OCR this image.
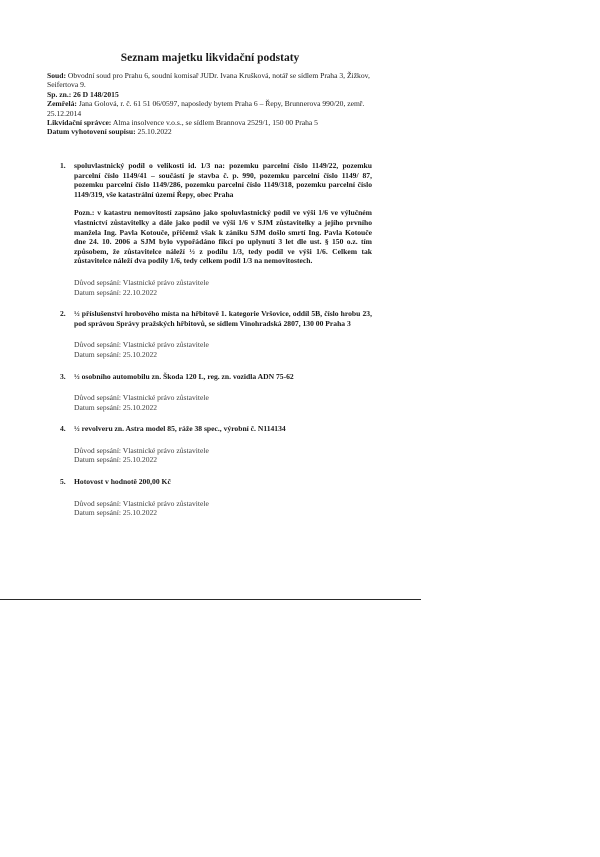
Seznam majetku likvidační podstaty
Soud: Obvodní soud pro Prahu 6, soudní komisař JUDr. Ivana Krušková, notář se sídlem Praha 3, Žižkov, Seifertova 9.
Sp. zn.: 26 D 148/2015
Zemřelá: Jana Golová, r. č. 61 51 06/0597, naposledy bytem Praha 6 – Řepy, Brunnerova 990/20, zemř. 25.12.2014
Likvidační správce: Alma insolvence v.o.s., se sídlem Brannova 2529/1, 150 00 Praha 5
Datum vyhotovení soupisu: 25.10.2022
1. spoluvlastnický podíl o velikosti id. 1/3 na: pozemku parcelní číslo 1149/22, pozemku parcelní číslo 1149/41 – součástí je stavba č. p. 990, pozemku parcelní číslo 1149/ 87, pozemku parcelní číslo 1149/286, pozemku parcelní číslo 1149/318, pozemku parcelní číslo 1149/319, vše katastrální území Řepy, obec Praha
Pozn.: v katastru nemovitostí zapsáno jako spoluvlastnický podíl ve výši 1/6 ve výlučném vlastnictví zůstavitelky a dále jako podíl ve výši 1/6 v SJM zůstavitelky a jejího prvního manžela Ing. Pavla Kotouče, přičemž však k zániku SJM došlo smrtí Ing. Pavla Kotouče dne 24. 10. 2006 a SJM bylo vypořádáno fikcí po uplynutí 3 let dle ust. § 150 o.z. tím způsobem, že zůstavitelce náleží ½ z podílu 1/3, tedy podíl ve výši 1/6. Celkem tak zůstavitelce náleží dva podíly 1/6, tedy celkem podíl 1/3 na nemovitostech.
Důvod sepsání: Vlastnické právo zůstavitele
Datum sepsání: 22.10.2022
2. ½ příslušenství hrobového místa na hřbitově 1. kategorie Vršovice, oddíl 5B, číslo hrobu 23, pod správou Správy pražských hřbitovů, se sídlem Vinohradská 2807, 130 00 Praha 3
Důvod sepsání: Vlastnické právo zůstavitele
Datum sepsání: 25.10.2022
3. ½ osobního automobilu zn. Škoda 120 L, reg. zn. vozidla ADN 75-62
Důvod sepsání: Vlastnické právo zůstavitele
Datum sepsání: 25.10.2022
4. ½ revolveru zn. Astra model 85, ráže 38 spec., výrobní č. N114134
Důvod sepsání: Vlastnické právo zůstavitele
Datum sepsání: 25.10.2022
5. Hotovost v hodnotě 200,00 Kč
Důvod sepsání: Vlastnické právo zůstavitele
Datum sepsání: 25.10.2022
